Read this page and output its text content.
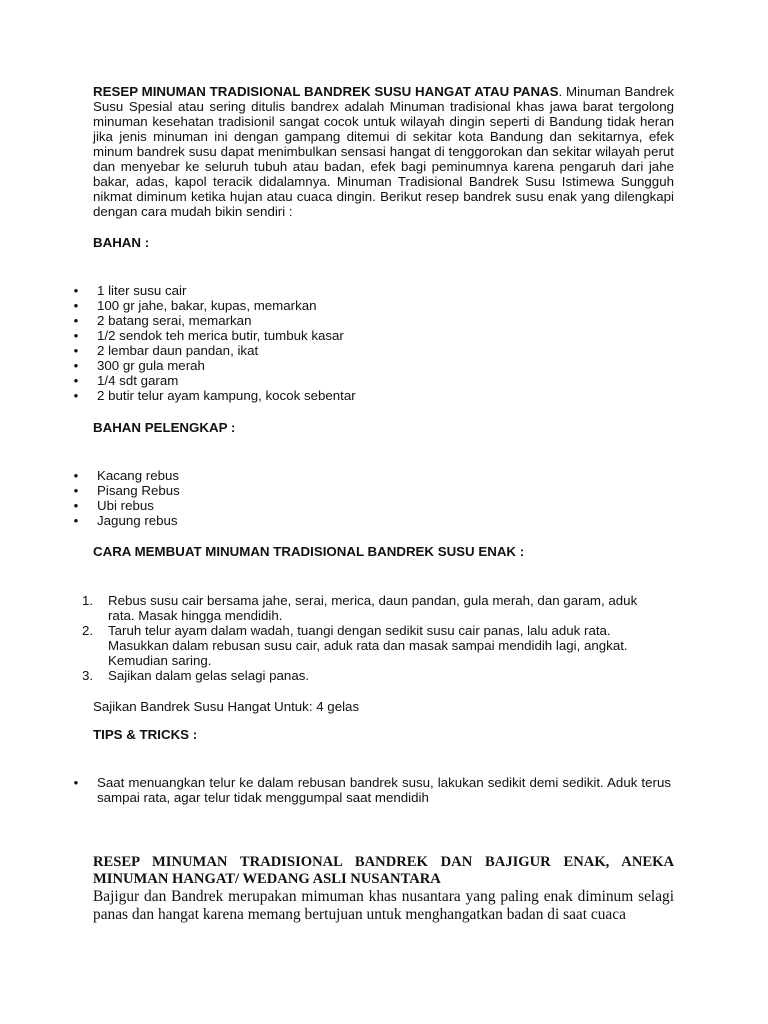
RESEP MINUMAN TRADISIONAL BANDREK SUSU HANGAT ATAU PANAS. Minuman Bandrek Susu Spesial atau sering ditulis bandrex adalah Minuman tradisional khas jawa barat tergolong minuman kesehatan tradisionil sangat cocok untuk wilayah dingin seperti di Bandung tidak heran jika jenis minuman ini dengan gampang ditemui di sekitar kota Bandung dan sekitarnya, efek minum bandrek susu dapat menimbulkan sensasi hangat di tenggorokan dan sekitar wilayah perut dan menyebar ke seluruh tubuh atau badan, efek bagi peminumnya karena pengaruh dari jahe bakar, adas, kapol teracik didalamnya. Minuman Tradisional Bandrek Susu Istimewa Sungguh nikmat diminum ketika hujan atau cuaca dingin. Berikut resep bandrek susu enak yang dilengkapi dengan cara mudah bikin sendiri :
BAHAN :
• 1 liter susu cair
• 100 gr jahe, bakar, kupas, memarkan
• 2 batang serai, memarkan
• 1/2 sendok teh merica butir, tumbuk kasar
• 2 lembar daun pandan, ikat
• 300 gr gula merah
• 1/4 sdt garam
• 2 butir telur ayam kampung, kocok sebentar
BAHAN PELENGKAP :
• Kacang rebus
• Pisang Rebus
• Ubi rebus
• Jagung rebus
CARA MEMBUAT MINUMAN TRADISIONAL BANDREK SUSU ENAK :
1.	Rebus susu cair bersama jahe, serai, merica, daun pandan, gula merah, dan garam, aduk rata. Masak hingga mendidih.
2.	Taruh telur ayam dalam wadah, tuangi dengan sedikit susu cair panas, lalu aduk rata. Masukkan dalam rebusan susu cair, aduk rata dan masak sampai mendidih lagi, angkat. Kemudian saring.
3.	Sajikan dalam gelas selagi panas.
Sajikan Bandrek Susu Hangat Untuk: 4 gelas
TIPS & TRICKS :
• Saat menuangkan telur ke dalam rebusan bandrek susu, lakukan sedikit demi sedikit. Aduk terus sampai rata, agar telur tidak menggumpal saat mendidih
RESEP MINUMAN TRADISIONAL BANDREK DAN BAJIGUR ENAK, ANEKA MINUMAN HANGAT/ WEDANG ASLI NUSANTARA
Bajigur dan Bandrek merupakan mimuman khas nusantara yang paling enak diminum selagi panas dan hangat karena memang bertujuan untuk menghangatkan badan di saat cuaca
